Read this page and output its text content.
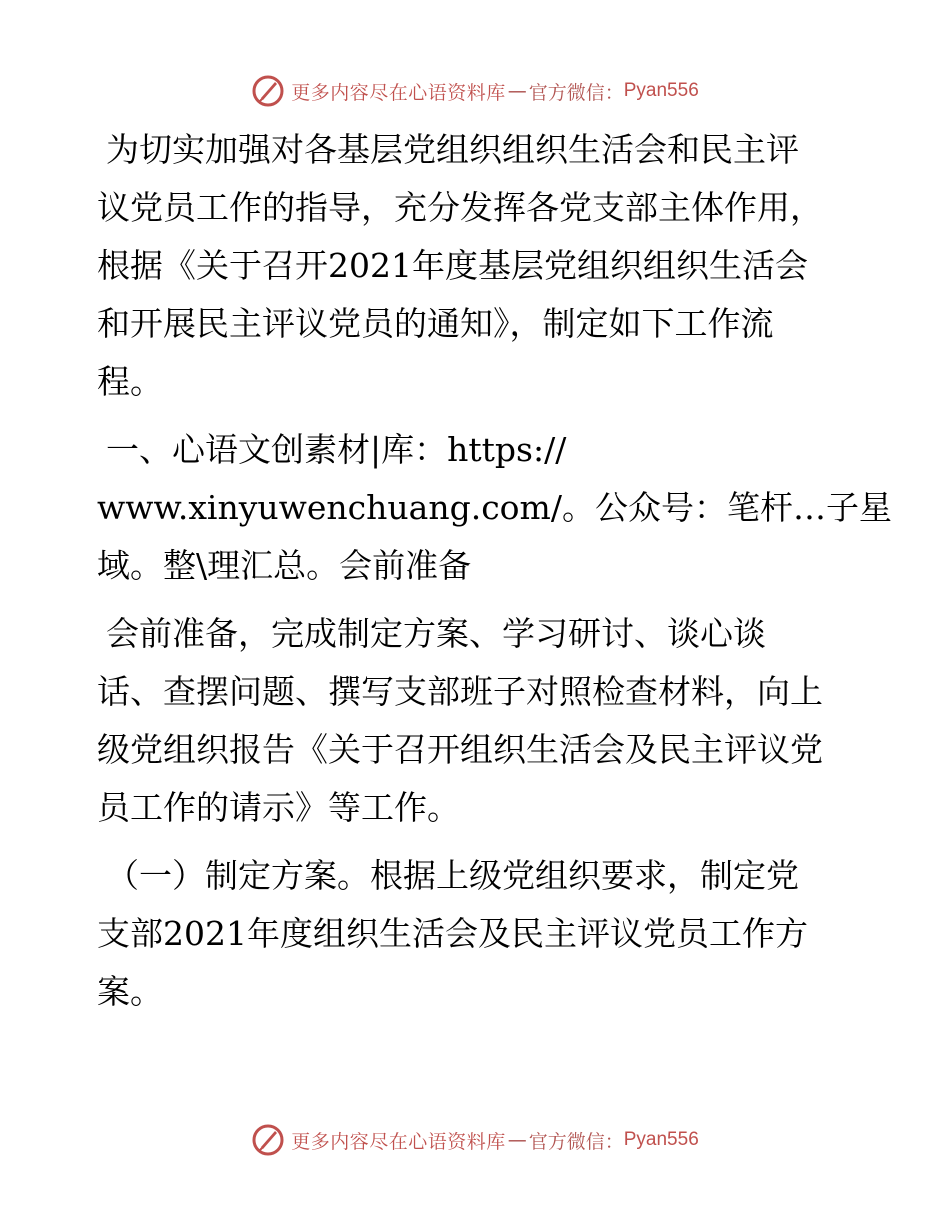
更多内容尽在心语资料库 — 官方微信： Pyan556

为切实加强对各基层党组织组织生活会和民主评
议党员工作的指导，充分发挥各党支部主体作用，
根据《关于召开2021年度基层党组织组织生活会
和开展民主评议党员的通知》，制定如下工作流
程。

一、心语文创素材|库：https://
www.xinyuwenchuang.com/。公众号：笔杆…子星
域。整\理汇总。会前准备

会前准备，完成制定方案、学习研讨、谈心谈
话、查摆问题、撰写支部班子对照检查材料，向上
级党组织报告《关于召开组织生活会及民主评议党
员工作的请示》等工作。

（一）制定方案。根据上级党组织要求，制定党
支部2021年度组织生活会及民主评议党员工作方
案。

更多内容尽在心语资料库 — 官方微信： Pyan556
